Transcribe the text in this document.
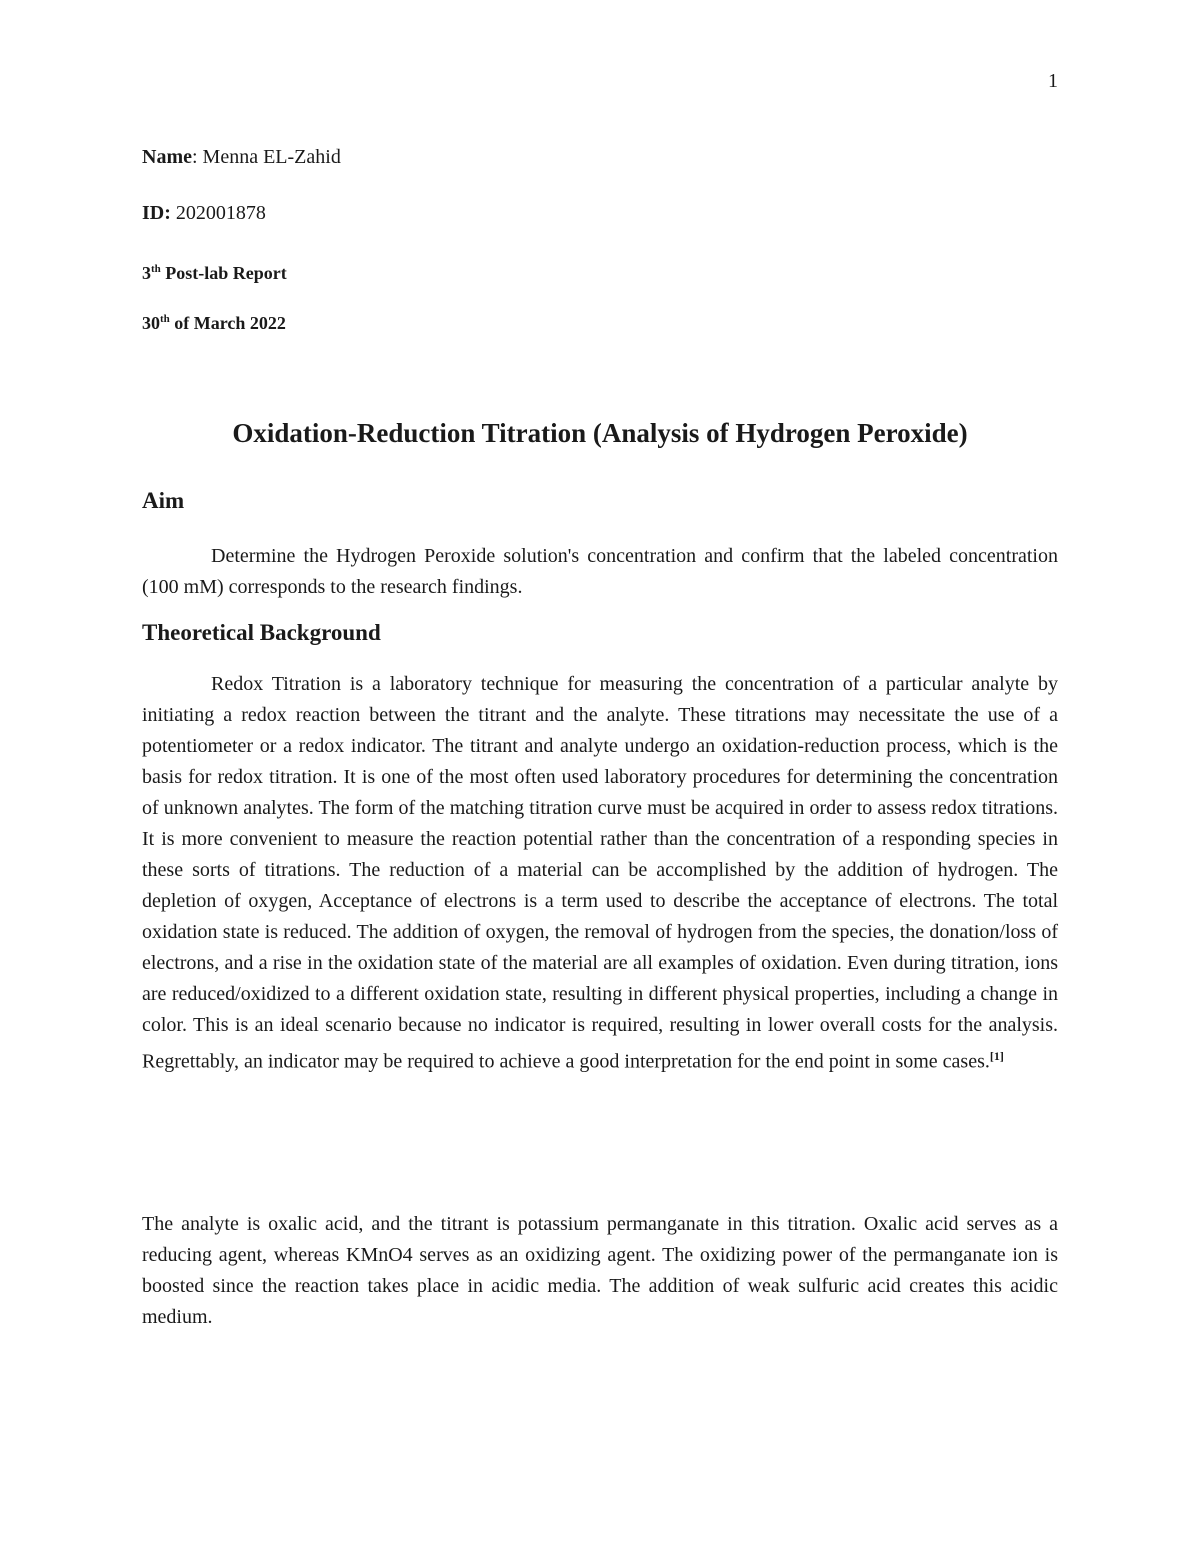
1

Name: Menna EL-Zahid

ID: 202001878

3th Post-lab Report

30th of March 2022

Oxidation-Reduction Titration (Analysis of Hydrogen Peroxide)
Aim

Determine the Hydrogen Peroxide solution's concentration and confirm that the labeled concentration (100 mM) corresponds to the research findings.

Theoretical Background

Redox Titration is a laboratory technique for measuring the concentration of a particular analyte by initiating a redox reaction between the titrant and the analyte. These titrations may necessitate the use of a potentiometer or a redox indicator. The titrant and analyte undergo an oxidation-reduction process, which is the basis for redox titration. It is one of the most often used laboratory procedures for determining the concentration of unknown analytes. The form of the matching titration curve must be acquired in order to assess redox titrations. It is more convenient to measure the reaction potential rather than the concentration of a responding species in these sorts of titrations. The reduction of a material can be accomplished by the addition of hydrogen. The depletion of oxygen, Acceptance of electrons is a term used to describe the acceptance of electrons. The total oxidation state is reduced. The addition of oxygen, the removal of hydrogen from the species, the donation/loss of electrons, and a rise in the oxidation state of the material are all examples of oxidation. Even during titration, ions are reduced/oxidized to a different oxidation state, resulting in different physical properties, including a change in color. This is an ideal scenario because no indicator is required, resulting in lower overall costs for the analysis. Regrettably, an indicator may be required to achieve a good interpretation for the end point in some cases.[1]

The analyte is oxalic acid, and the titrant is potassium permanganate in this titration. Oxalic acid serves as a reducing agent, whereas KMnO4 serves as an oxidizing agent. The oxidizing power of the permanganate ion is boosted since the reaction takes place in acidic media. The addition of weak sulfuric acid creates this acidic medium.
